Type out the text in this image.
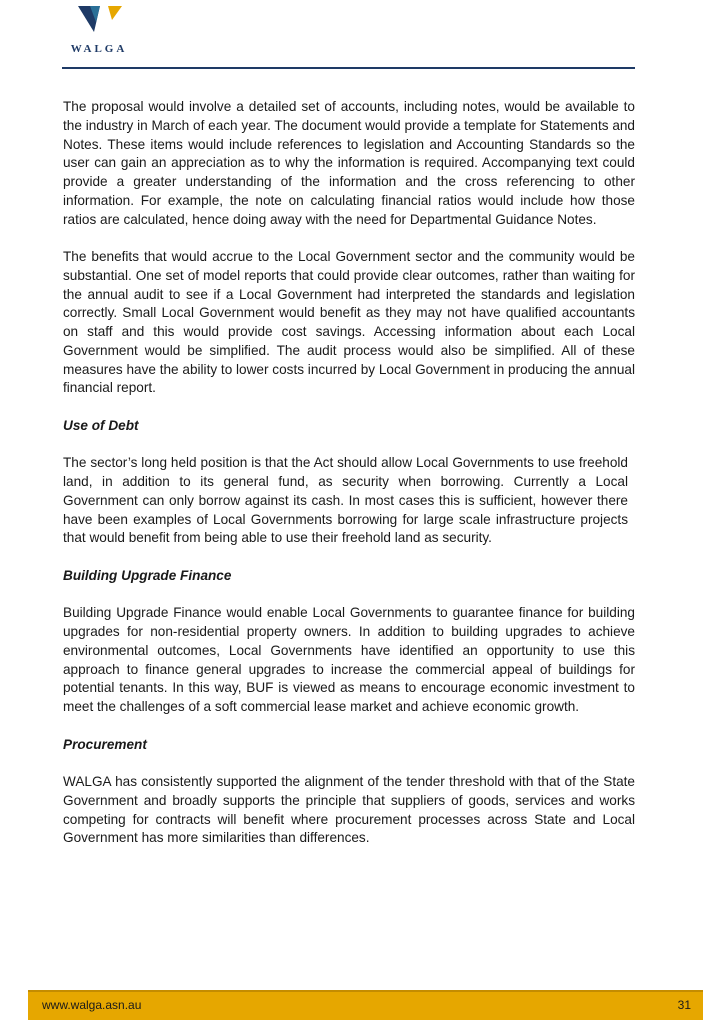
WALGA

The proposal would involve a detailed set of accounts, including notes, would be available to the industry in March of each year. The document would provide a template for Statements and Notes. These items would include references to legislation and Accounting Standards so the user can gain an appreciation as to why the information is required. Accompanying text could provide a greater understanding of the information and the cross referencing to other information. For example, the note on calculating financial ratios would include how those ratios are calculated, hence doing away with the need for Departmental Guidance Notes.

The benefits that would accrue to the Local Government sector and the community would be substantial. One set of model reports that could provide clear outcomes, rather than waiting for the annual audit to see if a Local Government had interpreted the standards and legislation correctly. Small Local Government would benefit as they may not have qualified accountants on staff and this would provide cost savings. Accessing information about each Local Government would be simplified. The audit process would also be simplified. All of these measures have the ability to lower costs incurred by Local Government in producing the annual financial report.

Use of Debt

The sector’s long held position is that the Act should allow Local Governments to use freehold land, in addition to its general fund, as security when borrowing. Currently a Local Government can only borrow against its cash. In most cases this is sufficient, however there have been examples of Local Governments borrowing for large scale infrastructure projects that would benefit from being able to use their freehold land as security.

Building Upgrade Finance

Building Upgrade Finance would enable Local Governments to guarantee finance for building upgrades for non-residential property owners. In addition to building upgrades to achieve environmental outcomes, Local Governments have identified an opportunity to use this approach to finance general upgrades to increase the commercial appeal of buildings for potential tenants. In this way, BUF is viewed as means to encourage economic investment to meet the challenges of a soft commercial lease market and achieve economic growth.

Procurement

WALGA has consistently supported the alignment of the tender threshold with that of the State Government and broadly supports the principle that suppliers of goods, services and works competing for contracts will benefit where procurement processes across State and Local Government has more similarities than differences.

www.walga.asn.au	31
